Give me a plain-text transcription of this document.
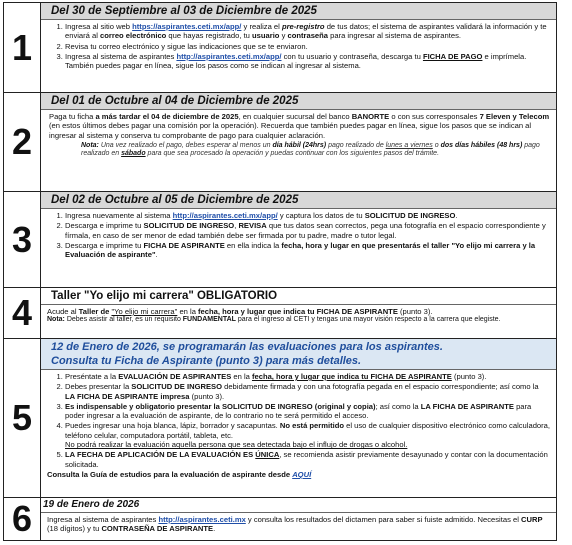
1
Del 30 de Septiembre al 03 de Diciembre de 2025
1. Ingresa al sitio web https://aspirantes.ceti.mx/app/ y realiza el pre-registro de tus datos; el sistema de aspirantes validará la información y te enviará al correo electrónico que hayas registrado, tu usuario y contraseña para ingresar al sistema de aspirantes.
2. Revisa tu correo electrónico y sigue las indicaciones que se te enviaron.
3. Ingresa al sistema de aspirantes http://aspirantes.ceti.mx/app/ con tu usuario y contraseña, descarga tu FICHA DE PAGO e imprímela. También puedes pagar en línea, sigue los pasos como se indican al ingresar al sistema.
2
Del 01 de Octubre al 04 de Diciembre de 2025
Paga tu ficha a más tardar el 04 de diciembre de 2025, en cualquier sucursal del banco BANORTE o con sus corresponsales 7 Eleven y Telecom (en estos últimos debes pagar una comisión por la operación). Recuerda que también puedes pagar en línea, sigue los pasos que se indican al ingresar al sistema y conserva tu comprobante de pago para cualquier aclaración.
Nota: Una vez realizado el pago, debes esperar al menos un día hábil (24hrs) pago realizado de lunes a viernes o dos días hábiles (48 hrs) pago realizado en sábado para que sea procesado la operación y puedas continuar con los siguientes pasos del trámite.
3
Del 02 de Octubre al 05 de Diciembre de 2025
1. Ingresa nuevamente al sistema http://aspirantes.ceti.mx/app/ y captura los datos de tu SOLICITUD DE INGRESO.
2. Descarga e imprime tu SOLICITUD DE INGRESO, REVISA que tus datos sean correctos, pega una fotografía en el espacio correspondiente y fírmala, en caso de ser menor de edad también debe ser firmada por tu padre, madre o tutor legal.
3. Descarga e imprime tu FICHA DE ASPIRANTE en ella indica la fecha, hora y lugar en que presentarás el taller "Yo elijo mi carrera y la Evaluación de aspirante".
4	Taller "Yo elijo mi carrera" OBLIGATORIO
Acude al Taller de "Yo elijo mi carrera" en la fecha, hora y lugar que indica tu FICHA DE ASPIRANTE (punto 3).
Nota: Debes asistir al taller, es un requisito FUNDAMENTAL para el ingreso al CETI y tengas una mayor visión respecto a la carrera que elegiste.
5
12 de Enero de 2026, se programarán las evaluaciones para los aspirantes.
Consulta tu Ficha de Aspirante (punto 3) para más detalles.
1. Preséntate a la EVALUACIÓN DE ASPIRANTES en la fecha, hora y lugar que indica tu FICHA DE ASPIRANTE (punto 3).
2. Debes presentar la SOLICITUD DE INGRESO debidamente firmada y con una fotografía pegada en el espacio correspondiente; así como la LA FICHA DE ASPIRANTE impresa (punto 3).
3. Es indispensable y obligatorio presentar la SOLICITUD DE INGRESO (original y copia); así como la LA FICHA DE ASPIRANTE para poder ingresar a la evaluación de aspirante, de lo contrario no te será permitido el acceso.
4. Puedes ingresar una hoja blanca, lápiz, borrador y sacapuntas. No está permitido el uso de cualquier dispositivo electrónico como calculadora, teléfono celular, computadora portátil, tableta, etc.
No podrá realizar la evaluación aquella persona que sea detectada bajo el influjo de drogas o alcohol.
5. LA FECHA DE APLICACIÓN DE LA EVALUACIÓN ES ÚNICA, se recomienda asistir previamente desayunado y contar con la documentación solicitada.
Consulta la Guía de estudios para la evaluación de aspirante desde AQUÍ
6	19 de Enero de 2026
Ingresa al sistema de aspirantes http://aspirantes.ceti.mx y consulta los resultados del dictamen para saber si fuiste admitido. Necesitas el CURP (18 dígitos) y tu CONTRASEÑA DE ASPIRANTE.
